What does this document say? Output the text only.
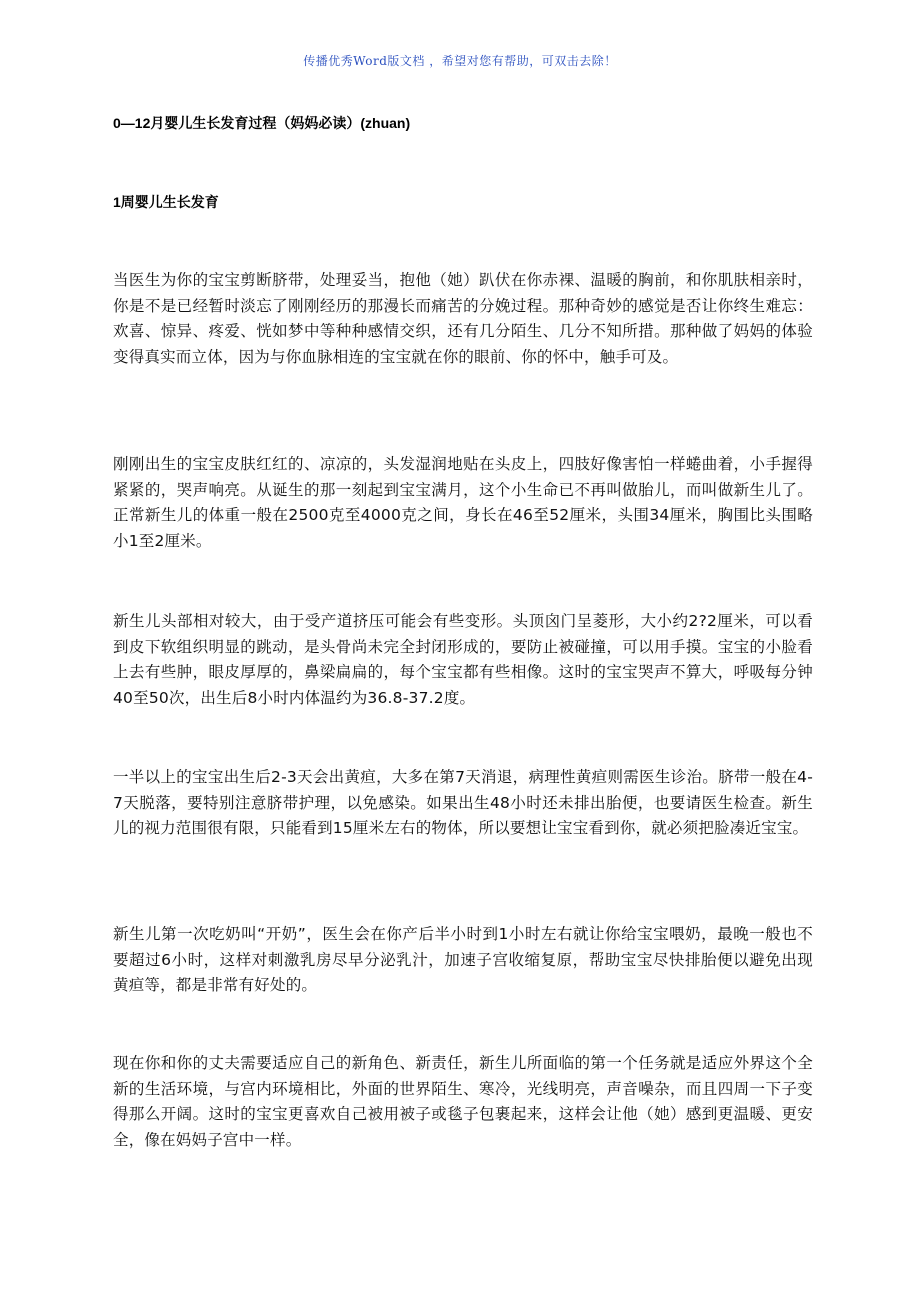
传播优秀Word版文档 ，希望对您有帮助，可双击去除！
0—12月婴儿生长发育过程（妈妈必读）(zhuan)
1周婴儿生长发育

当医生为你的宝宝剪断脐带，处理妥当，抱他（她）趴伏在你赤裸、温暖的胸前，和你肌肤相亲时，你是不是已经暂时淡忘了刚刚经历的那漫长而痛苦的分娩过程。那种奇妙的感觉是否让你终生难忘：欢喜、惊异、疼爱、恍如梦中等种种感情交织，还有几分陌生、几分不知所措。那种做了妈妈的体验变得真实而立体，因为与你血脉相连的宝宝就在你的眼前、你的怀中，触手可及。

刚刚出生的宝宝皮肤红红的、凉凉的，头发湿润地贴在头皮上，四肢好像害怕一样蜷曲着，小手握得紧紧的，哭声响亮。从诞生的那一刻起到宝宝满月，这个小生命已不再叫做胎儿，而叫做新生儿了。正常新生儿的体重一般在2500克至4000克之间，身长在46至52厘米，头围34厘米，胸围比头围略小1至2厘米。

新生儿头部相对较大，由于受产道挤压可能会有些变形。头顶囟门呈菱形，大小约2?2厘米，可以看到皮下软组织明显的跳动，是头骨尚未完全封闭形成的，要防止被碰撞，可以用手摸。宝宝的小脸看上去有些肿，眼皮厚厚的，鼻梁扁扁的，每个宝宝都有些相像。这时的宝宝哭声不算大，呼吸每分钟40至50次，出生后8小时内体温约为36.8-37.2度。

一半以上的宝宝出生后2-3天会出黄疸，大多在第7天消退，病理性黄疸则需医生诊治。脐带一般在4-7天脱落，要特别注意脐带护理，以免感染。如果出生48小时还未排出胎便，也要请医生检查。新生儿的视力范围很有限，只能看到15厘米左右的物体，所以要想让宝宝看到你，就必须把脸凑近宝宝。

新生儿第一次吃奶叫“开奶”，医生会在你产后半小时到1小时左右就让你给宝宝喂奶，最晚一般也不要超过6小时，这样对刺激乳房尽早分泌乳汁，加速子宫收缩复原，帮助宝宝尽快排胎便以避免出现黄疸等，都是非常有好处的。

现在你和你的丈夫需要适应自己的新角色、新责任，新生儿所面临的第一个任务就是适应外界这个全新的生活环境，与宫内环境相比，外面的世界陌生、寒冷，光线明亮，声音噪杂，而且四周一下子变得那么开阔。这时的宝宝更喜欢自己被用被子或毯子包裹起来，这样会让他（她）感到更温暖、更安全，像在妈妈子宫中一样。
